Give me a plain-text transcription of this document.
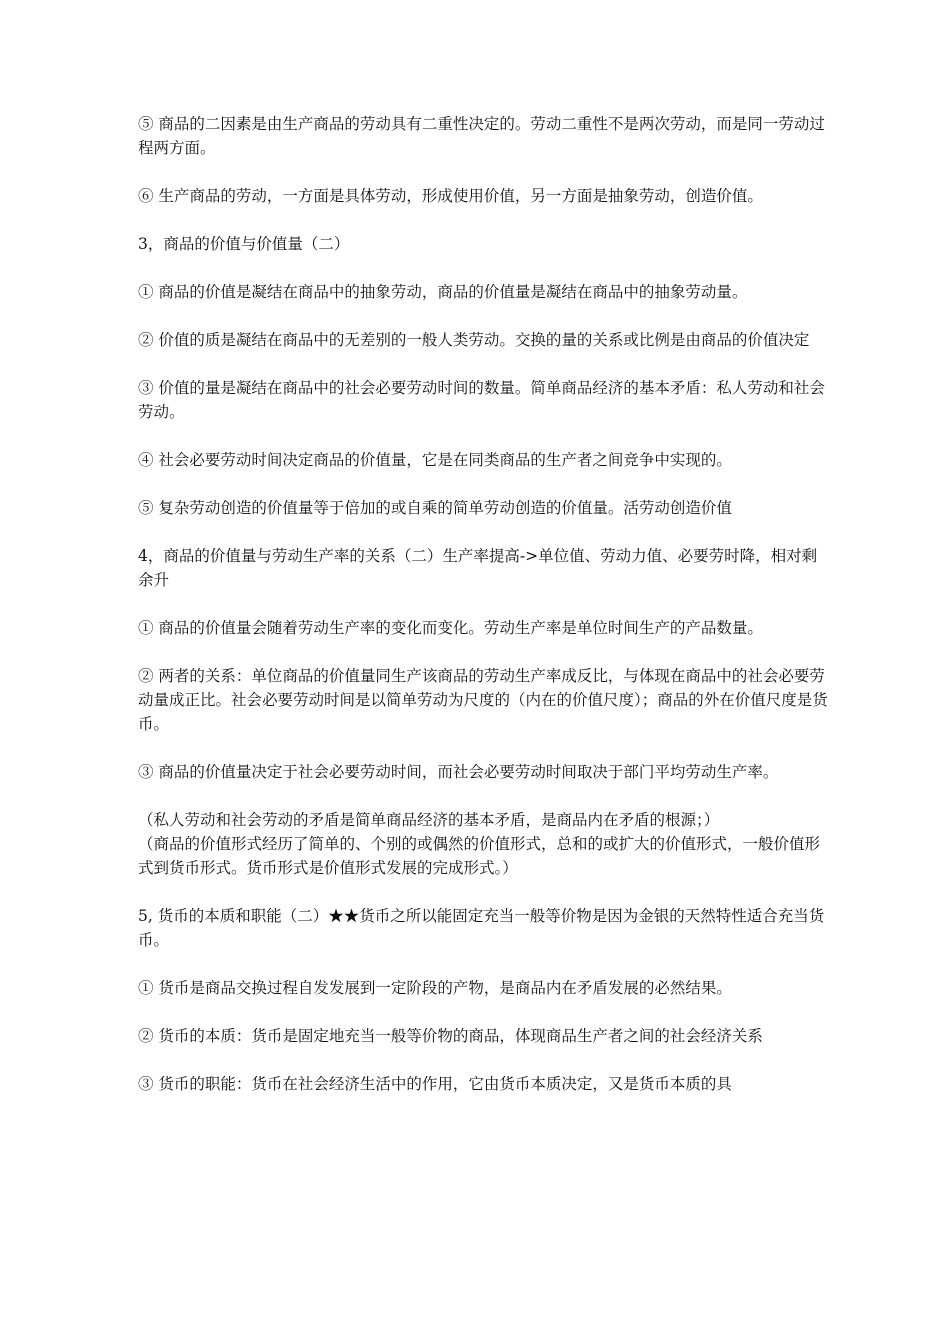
⑤ 商品的二因素是由生产商品的劳动具有二重性决定的。劳动二重性不是两次劳动，而是同一劳动过程两方面。

⑥ 生产商品的劳动，一方面是具体劳动，形成使用价值，另一方面是抽象劳动，创造价值。

3，商品的价值与价值量（二）

① 商品的价值是凝结在商品中的抽象劳动，商品的价值量是凝结在商品中的抽象劳动量。

② 价值的质是凝结在商品中的无差别的一般人类劳动。交换的量的关系或比例是由商品的价值决定

③ 价值的量是凝结在商品中的社会必要劳动时间的数量。简单商品经济的基本矛盾：私人劳动和社会劳动。

④ 社会必要劳动时间决定商品的价值量，它是在同类商品的生产者之间竞争中实现的。

⑤ 复杂劳动创造的价值量等于倍加的或自乘的简单劳动创造的价值量。活劳动创造价值

4，商品的价值量与劳动生产率的关系（二）生产率提高->单位值、劳动力值、必要劳时降，相对剩余升

① 商品的价值量会随着劳动生产率的变化而变化。劳动生产率是单位时间生产的产品数量。

② 两者的关系：单位商品的价值量同生产该商品的劳动生产率成反比，与体现在商品中的社会必要劳动量成正比。社会必要劳动时间是以简单劳动为尺度的（内在的价值尺度）；商品的外在价值尺度是货币。

③ 商品的价值量决定于社会必要劳动时间，而社会必要劳动时间取决于部门平均劳动生产率。

（私人劳动和社会劳动的矛盾是简单商品经济的基本矛盾，是商品内在矛盾的根源；）

（商品的价值形式经历了简单的、个别的或偶然的价值形式，总和的或扩大的价值形式，一般价值形式到货币形式。货币形式是价值形式发展的完成形式。）

5, 货币的本质和职能（二）★★货币之所以能固定充当一般等价物是因为金银的天然特性适合充当货币。

① 货币是商品交换过程自发发展到一定阶段的产物，是商品内在矛盾发展的必然结果。

② 货币的本质：货币是固定地充当一般等价物的商品，体现商品生产者之间的社会经济关系

③ 货币的职能：货币在社会经济生活中的作用，它由货币本质决定，又是货币本质的具
